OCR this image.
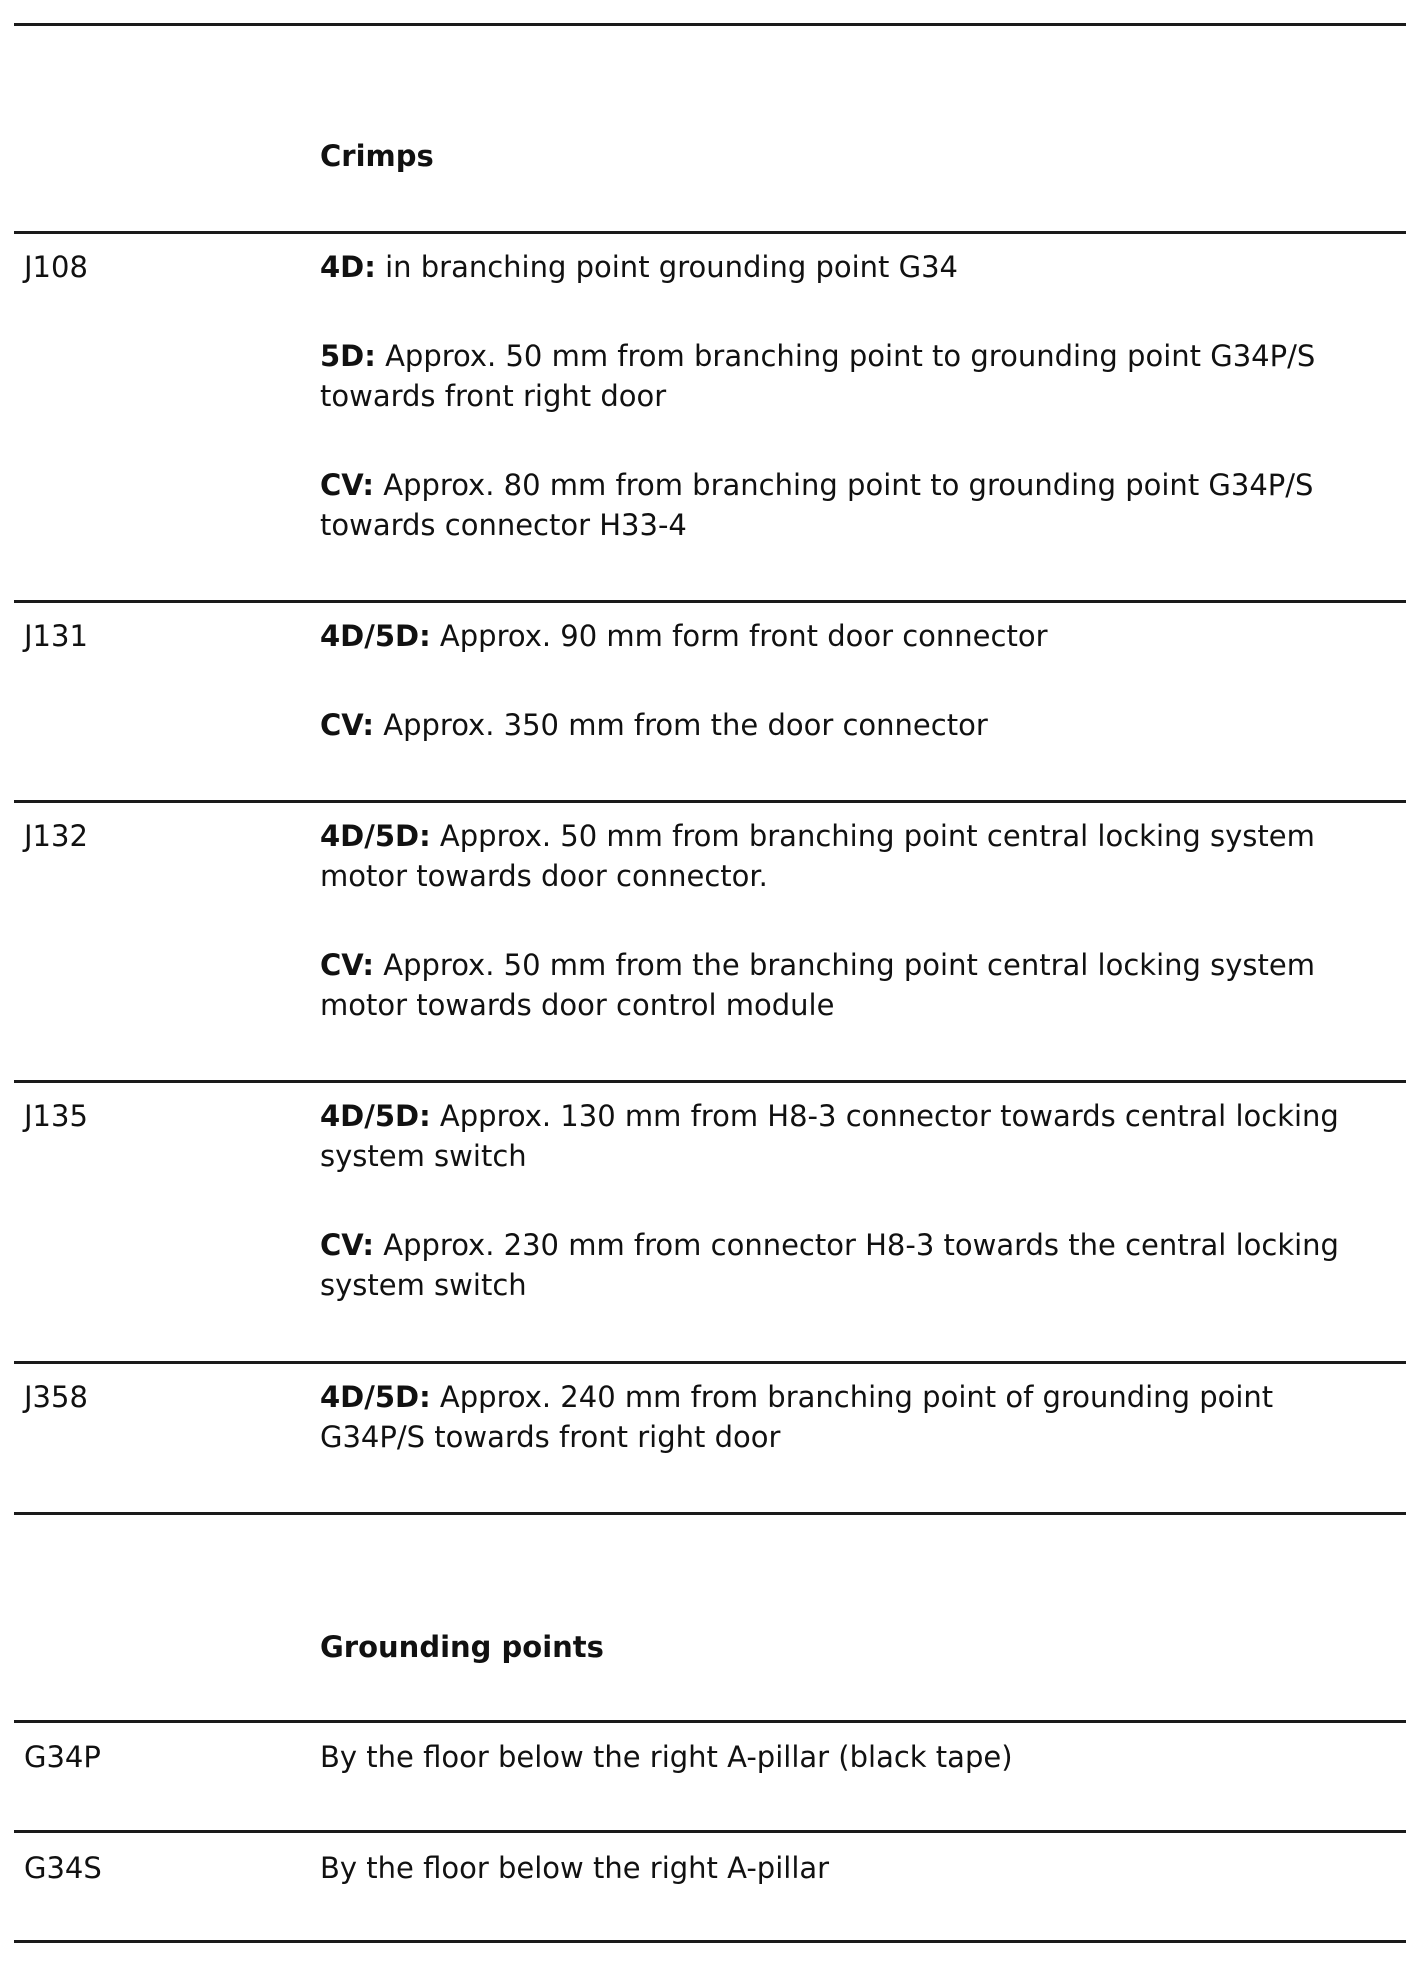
Crimps

J108	4D: in branching point grounding point G34

5D: Approx. 50 mm from branching point to grounding point G34P/S towards front right door

CV: Approx. 80 mm from branching point to grounding point G34P/S towards connector H33-4

J131	4D/5D: Approx. 90 mm form front door connector

CV: Approx. 350 mm from the door connector

J132	4D/5D: Approx. 50 mm from branching point central locking system motor towards door connector.

CV: Approx. 50 mm from the branching point central locking system motor towards door control module

J135	4D/5D: Approx. 130 mm from H8-3 connector towards central locking system switch

CV: Approx. 230 mm from connector H8-3 towards the central locking system switch

J358	4D/5D: Approx. 240 mm from branching point of grounding point G34P/S towards front right door

Grounding points

G34P	By the floor below the right A-pillar (black tape)

G34S	By the floor below the right A-pillar
